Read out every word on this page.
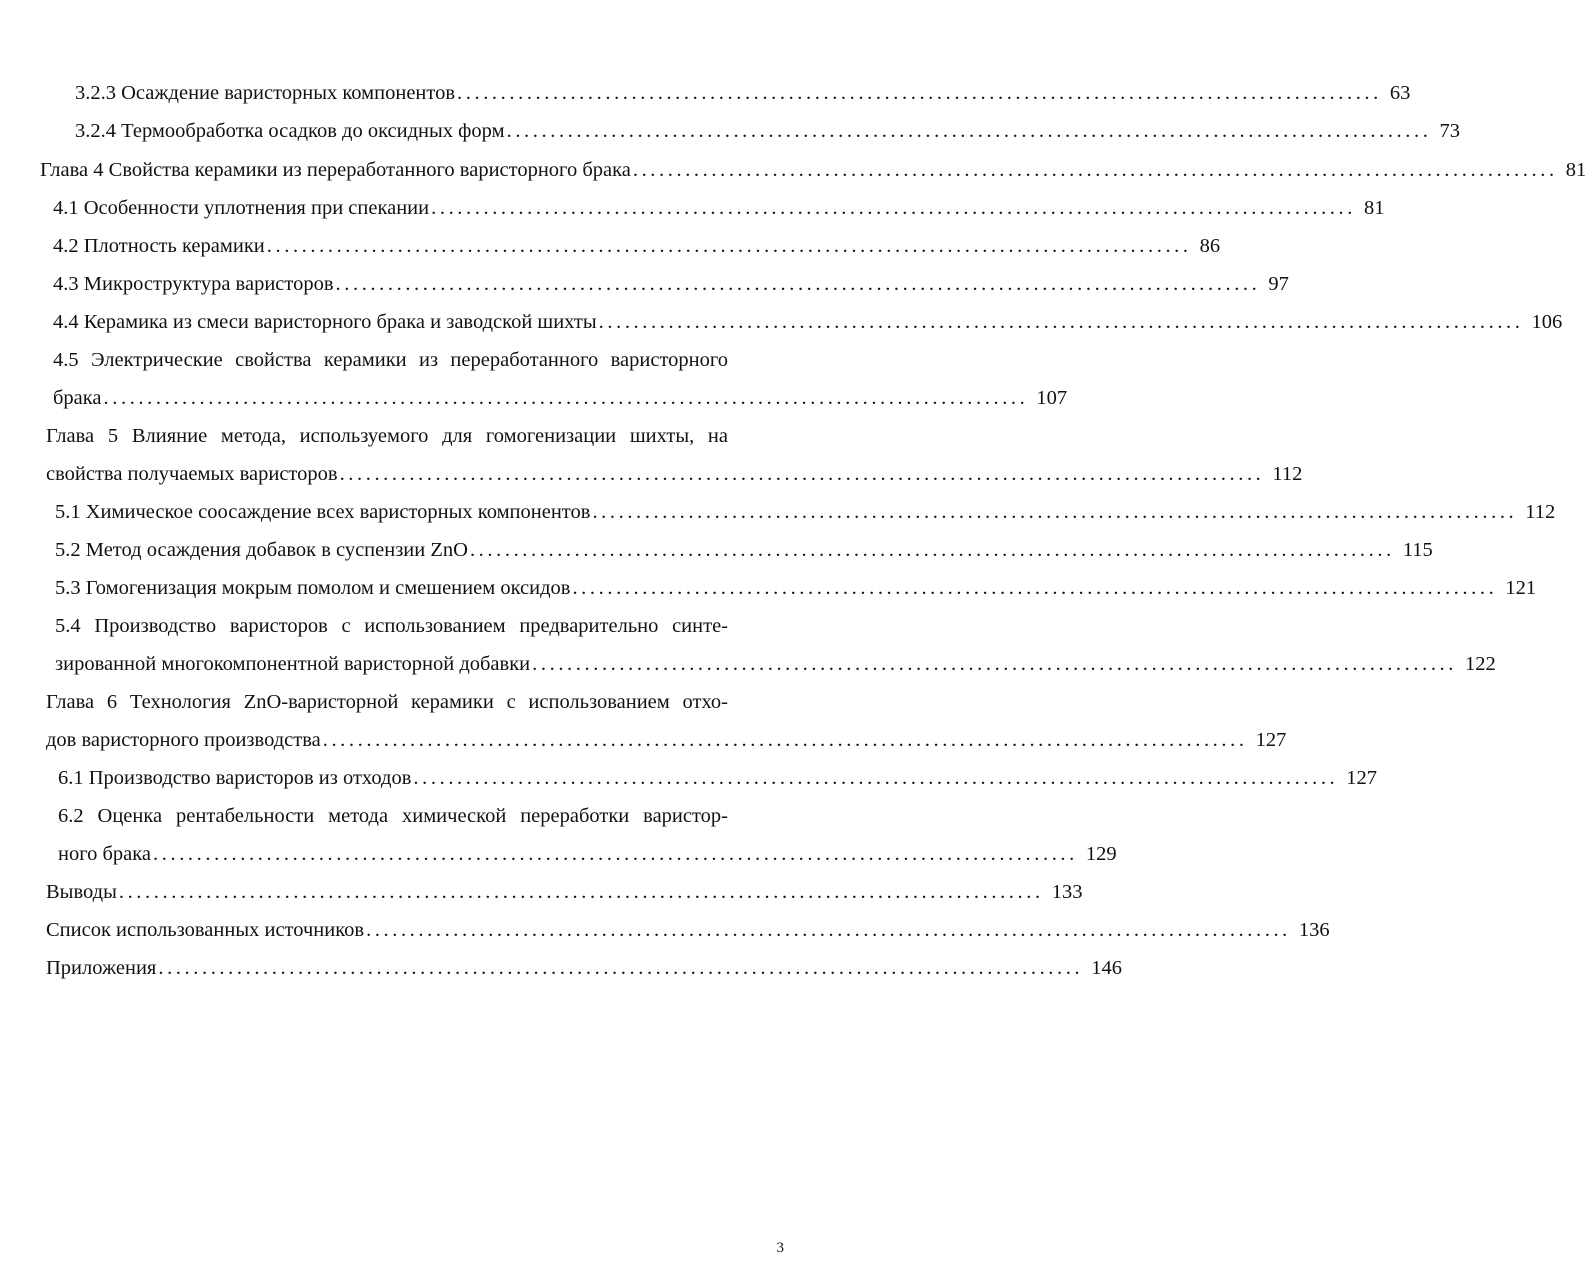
3.2.3 Осаждение варисторных компонентов .......................................................................................................... 63
3.2.4 Термообработка осадков до оксидных форм .......................................................................................................... 73
Глава 4 Свойства керамики из переработанного варисторного брака .......................................................................................................... 81
4.1 Особенности уплотнения при спекании .......................................................................................................... 81
4.2 Плотность керамики .......................................................................................................... 86
4.3 Микроструктура варисторов .......................................................................................................... 97
4.4 Керамика из смеси варисторного брака и заводской шихты .......................................................................................................... 106
4.5 Электрические свойства керамики из переработанного варисторного
брака .......................................................................................................... 107
Глава 5 Влияние метода, используемого для гомогенизации шихты, на
свойства получаемых варисторов .......................................................................................................... 112
5.1 Химическое соосаждение всех варисторных компонентов .......................................................................................................... 112
5.2 Метод осаждения добавок в суспензии ZnO .......................................................................................................... 115
5.3 Гомогенизация мокрым помолом и смешением оксидов .......................................................................................................... 121
5.4 Производство варисторов с использованием предварительно синте-
зированной многокомпонентной варисторной добавки .......................................................................................................... 122
Глава 6 Технология ZnO-варисторной керамики с использованием отхо-
дов варисторного производства .......................................................................................................... 127
6.1 Производство варисторов из отходов .......................................................................................................... 127
6.2 Оценка рентабельности метода химической переработки варистор-
ного брака .......................................................................................................... 129
Выводы .......................................................................................................... 133
Список использованных источников .......................................................................................................... 136
Приложения .......................................................................................................... 146
3
